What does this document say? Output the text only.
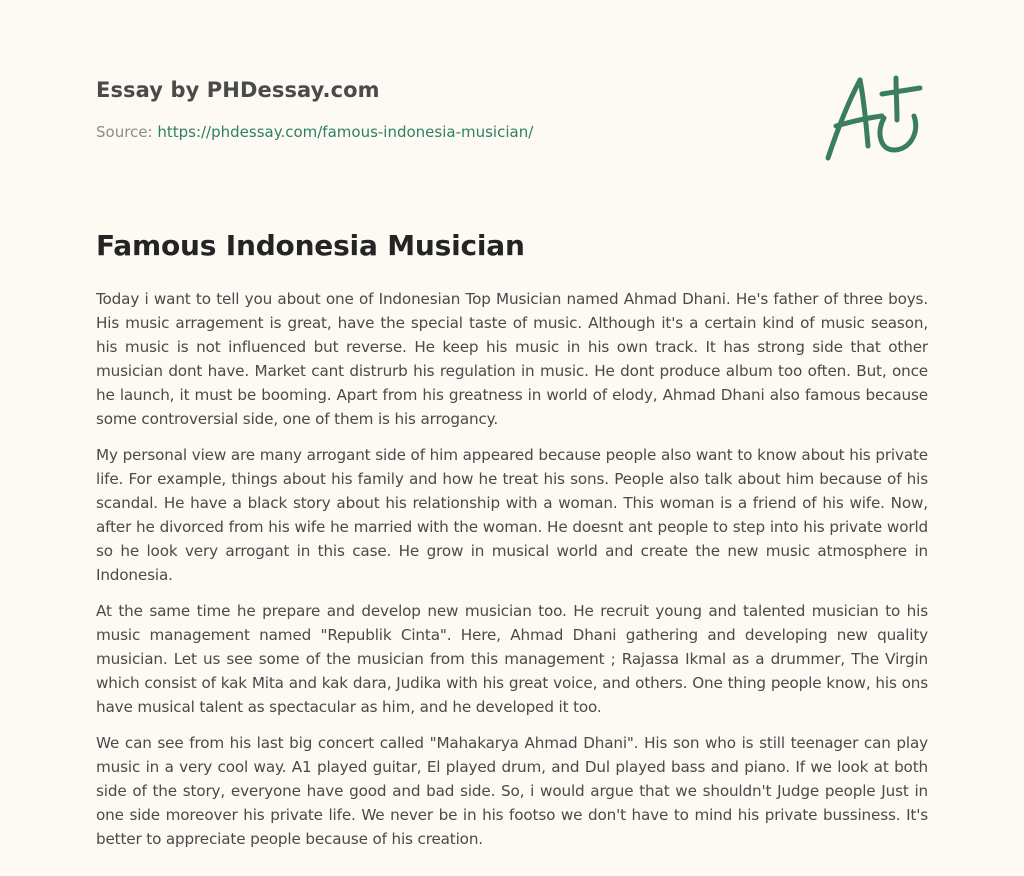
Essay by PHDessay.com
Source: https://phdessay.com/famous-indonesia-musician/
Famous Indonesia Musician

Today i want to tell you about one of Indonesian Top Musician named Ahmad Dhani. He's father of three boys. His music arragement is great, have the special taste of music. Although it's a certain kind of music season, his music is not influenced but reverse. He keep his music in his own track. It has strong side that other musician dont have. Market cant distrurb his regulation in music. He dont produce album too often. But, once he launch, it must be booming. Apart from his greatness in world of elody, Ahmad Dhani also famous because some controversial side, one of them is his arrogancy.

My personal view are many arrogant side of him appeared because people also want to know about his private life. For example, things about his family and how he treat his sons. People also talk about him because of his scandal. He have a black story about his relationship with a woman. This woman is a friend of his wife. Now, after he divorced from his wife he married with the woman. He doesnt ant people to step into his private world so he look very arrogant in this case. He grow in musical world and create the new music atmosphere in Indonesia.

At the same time he prepare and develop new musician too. He recruit young and talented musician to his music management named "Republik Cinta". Here, Ahmad Dhani gathering and developing new quality musician. Let us see some of the musician from this management ; Rajassa Ikmal as a drummer, The Virgin which consist of kak Mita and kak dara, Judika with his great voice, and others. One thing people know, his ons have musical talent as spectacular as him, and he developed it too.

We can see from his last big concert called "Mahakarya Ahmad Dhani". His son who is still teenager can play music in a very cool way. A1 played guitar, El played drum, and Dul played bass and piano. If we look at both side of the story, everyone have good and bad side. So, i would argue that we shouldn't Judge people Just in one side moreover his private life. We never be in his footso we don't have to mind his private bussiness. It's better to appreciate people because of his creation.
